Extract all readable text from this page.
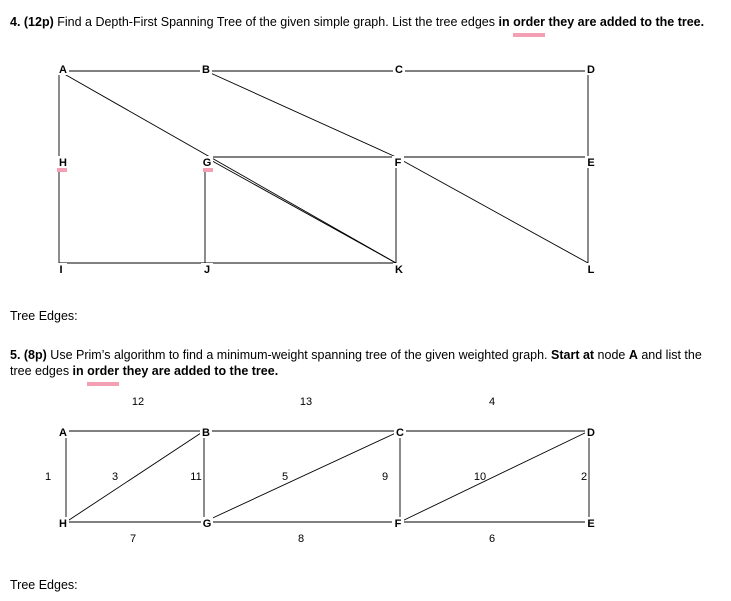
4. (12p) Find a Depth-First Spanning Tree of the given simple graph. List the tree edges in order they are added to the tree.
A	B	C	D
H	G	F	E
I	J	K	L
12	13	4
1	3	11	5	9	10	2
7	8	6
A	B	C	D
H	G	F	E
Tree Edges:
5. (8p) Use Prim’s algorithm to find a minimum-weight spanning tree of the given weighted graph. Start at node A and list the tree edges in order they are added to the tree.
Tree Edges:
